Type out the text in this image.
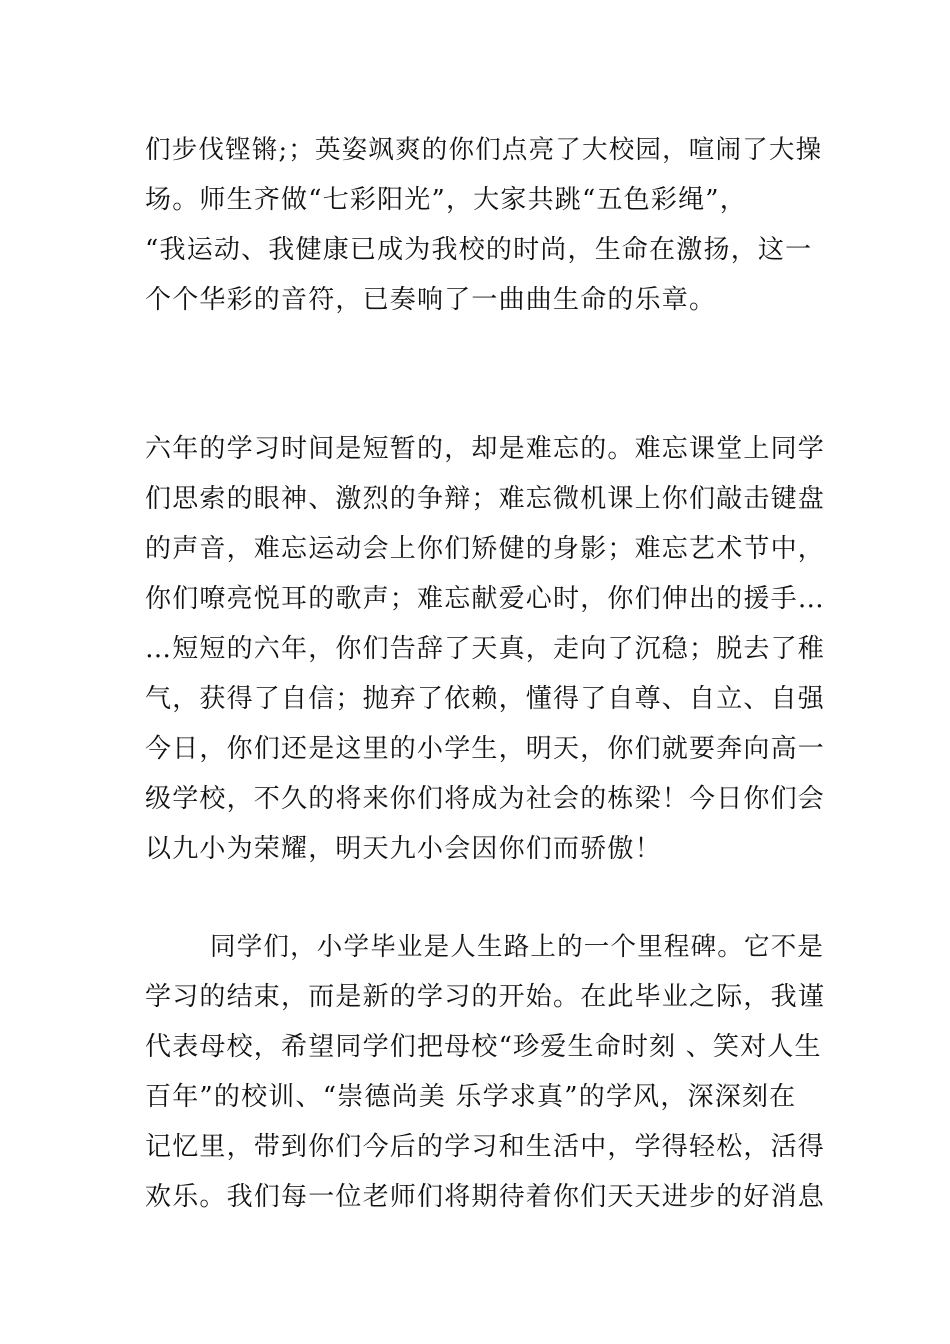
们步伐铿锵;；英姿飒爽的你们点亮了大校园，喧闹了大操
场。师生齐做“七彩阳光”，大家共跳“五色彩绳”，
“我运动、我健康已成为我校的时尚，生命在激扬，这一
个个华彩的音符，已奏响了一曲曲生命的乐章。
六年的学习时间是短暂的，却是难忘的。难忘课堂上同学
们思索的眼神、激烈的争辩；难忘微机课上你们敲击键盘
的声音，难忘运动会上你们矫健的身影；难忘艺术节中，
你们嘹亮悦耳的歌声；难忘献爱心时，你们伸出的援手…
…短短的六年，你们告辞了天真，走向了沉稳；脱去了稚
气，获得了自信；抛弃了依赖，懂得了自尊、自立、自强
今日，你们还是这里的小学生，明天，你们就要奔向高一
级学校，不久的将来你们将成为社会的栋梁！今日你们会
以九小为荣耀，明天九小会因你们而骄傲！
同学们，小学毕业是人生路上的一个里程碑。它不是
学习的结束，而是新的学习的开始。在此毕业之际，我谨
代表母校，希望同学们把母校“珍爱生命时刻 、笑对人生
百年”的校训、“崇德尚美 乐学求真”的学风，深深刻在
记忆里，带到你们今后的学习和生活中，学得轻松，活得
欢乐。我们每一位老师们将期待着你们天天进步的好消息
